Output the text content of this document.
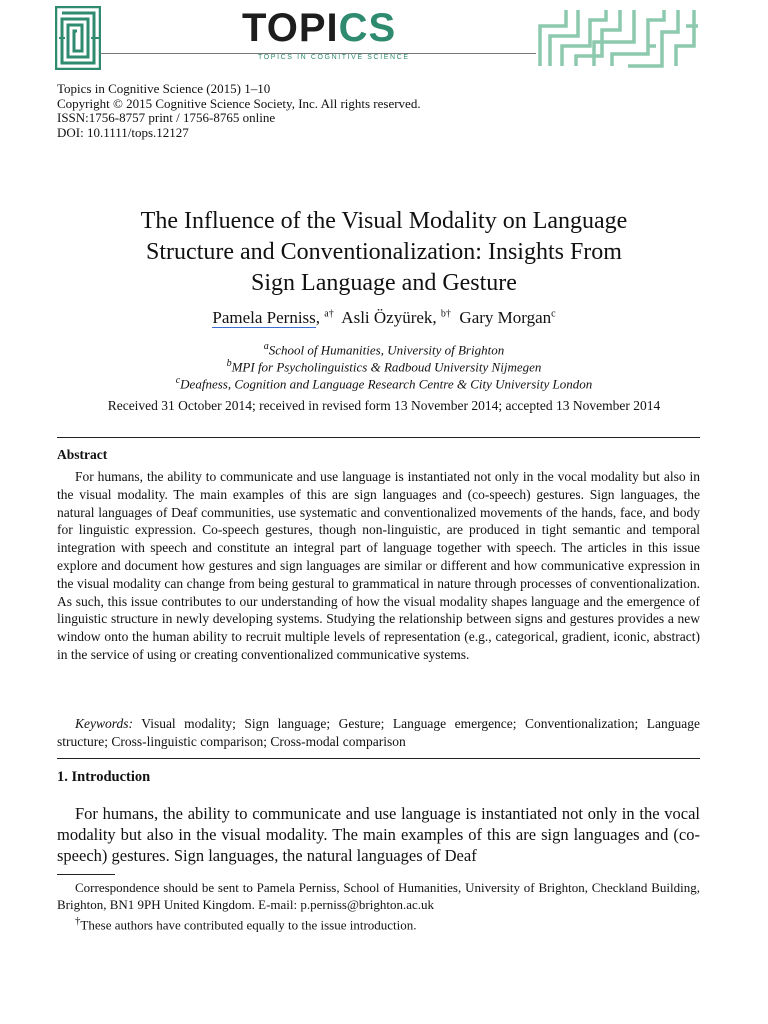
TOPICS
TOPICS IN COGNITIVE SCIENCE
Topics in Cognitive Science (2015) 1–10
Copyright © 2015 Cognitive Science Society, Inc. All rights reserved.
ISSN:1756-8757 print / 1756-8765 online
DOI: 10.1111/tops.12127
The Influence of the Visual Modality on Language
Structure and Conventionalization: Insights From
Sign Language and Gesture
Pamela Perniss, $^{a\dagger}$ Asli Özyürek, $^{b\dagger}$ Gary Morgan$^c$
$^a$School of Humanities, University of Brighton
$^b$MPI for Psycholinguistics & Radboud University Nijmegen
$^c$Deafness, Cognition and Language Research Centre & City University London
Received 31 October 2014; received in revised form 13 November 2014; accepted 13 November 2014
Abstract
For humans, the ability to communicate and use language is instantiated not only in the vocal modality but also in the visual modality. The main examples of this are sign languages and (co-speech) gestures. Sign languages, the natural languages of Deaf communities, use systematic and conventionalized movements of the hands, face, and body for linguistic expression. Co-speech gestures, though non-linguistic, are produced in tight semantic and temporal integration with speech and constitute an integral part of language together with speech. The articles in this issue explore and document how gestures and sign languages are similar or different and how communicative expression in the visual modality can change from being gestural to grammatical in nature through processes of conventionalization. As such, this issue contributes to our understanding of how the visual modality shapes language and the emergence of linguistic structure in newly developing systems. Studying the relationship between signs and gestures provides a new window onto the human ability to recruit multiple levels of representation (e.g., categorical, gradient, iconic, abstract) in the service of using or creating conventionalized communicative systems.
Keywords: Visual modality; Sign language; Gesture; Language emergence; Conventionalization; Language structure; Cross-linguistic comparison; Cross-modal comparison
1. Introduction
For humans, the ability to communicate and use language is instantiated not only in the vocal modality but also in the visual modality. The main examples of this are sign languages and (co-speech) gestures. Sign languages, the natural languages of Deaf
Correspondence should be sent to Pamela Perniss, School of Humanities, University of Brighton, Checkland Building, Brighton, BN1 9PH United Kingdom. E-mail: p.perniss@brighton.ac.uk
†These authors have contributed equally to the issue introduction.
